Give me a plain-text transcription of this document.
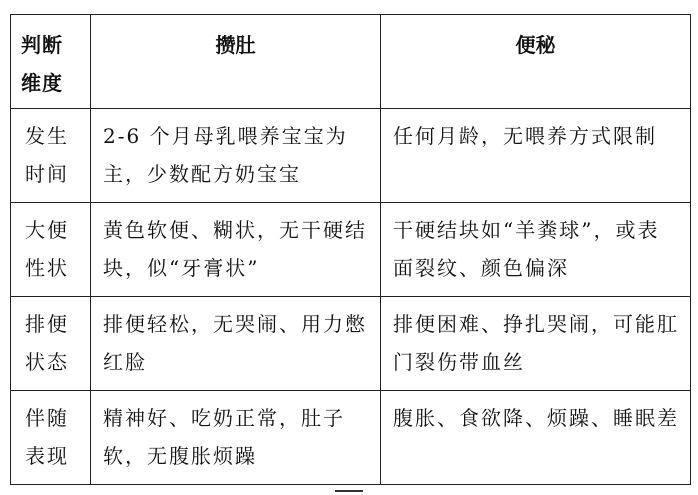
判断
维度	攒肚	便秘

发生
时间	2-6 个月母乳喂养宝宝为主，少数配方奶宝宝	任何月龄，无喂养方式限制

大便
性状	黄色软便、糊状，无干硬结块，似“牙膏状”	干硬结块如“羊粪球”，或表面裂纹、颜色偏深

排便
状态	排便轻松，无哭闹、用力憋红脸	排便困难、挣扎哭闹，可能肛门裂伤带血丝

伴随
表现	精神好、吃奶正常，肚子软，无腹胀烦躁	腹胀、食欲降、烦躁、睡眠差
